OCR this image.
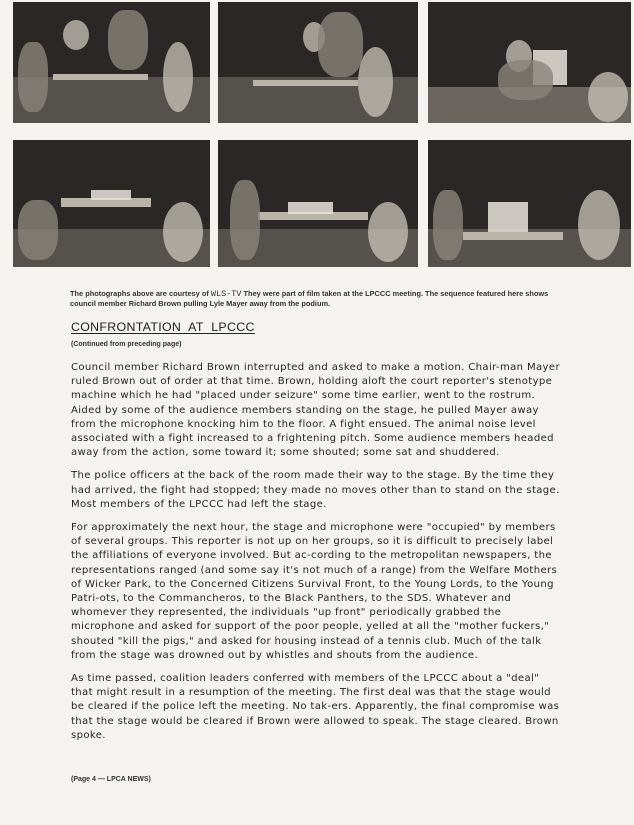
The photographs above are courtesy of WLS-TV They were part of film taken at the LPCCC meeting. The sequence featured here shows council member Richard Brown pulling Lyle Mayer away from the podium.
CONFRONTATION AT LPCCC
(Continued from preceding page)

Council member Richard Brown interrupted and asked to make a motion. Chair-man Mayer ruled Brown out of order at that time. Brown, holding aloft the court reporter's stenotype machine which he had "placed under seizure" some time earlier, went to the rostrum. Aided by some of the audience members standing on the stage, he pulled Mayer away from the microphone knocking him to the floor. A fight ensued. The animal noise level associated with a fight increased to a frightening pitch. Some audience members headed away from the action, some toward it; some shouted; some sat and shuddered.

The police officers at the back of the room made their way to the stage. By the time they had arrived, the fight had stopped; they made no moves other than to stand on the stage. Most members of the LPCCC had left the stage.

For approximately the next hour, the stage and microphone were "occupied" by members of several groups. This reporter is not up on her groups, so it is difficult to precisely label the affiliations of everyone involved. But ac-cording to the metropolitan newspapers, the representations ranged (and some say it's not much of a range) from the Welfare Mothers of Wicker Park, to the Concerned Citizens Survival Front, to the Young Lords, to the Young Patri-ots, to the Commancheros, to the Black Panthers, to the SDS. Whatever and whomever they represented, the individuals "up front" periodically grabbed the microphone and asked for support of the poor people, yelled at all the "mother fuckers," shouted "kill the pigs," and asked for housing instead of a tennis club. Much of the talk from the stage was drowned out by whistles and shouts from the audience.

As time passed, coalition leaders conferred with members of the LPCCC about a "deal" that might result in a resumption of the meeting. The first deal was that the stage would be cleared if the police left the meeting. No tak-ers. Apparently, the final compromise was that the stage would be cleared if Brown were allowed to speak. The stage cleared. Brown spoke.

(Page 4 — LPCA NEWS)
